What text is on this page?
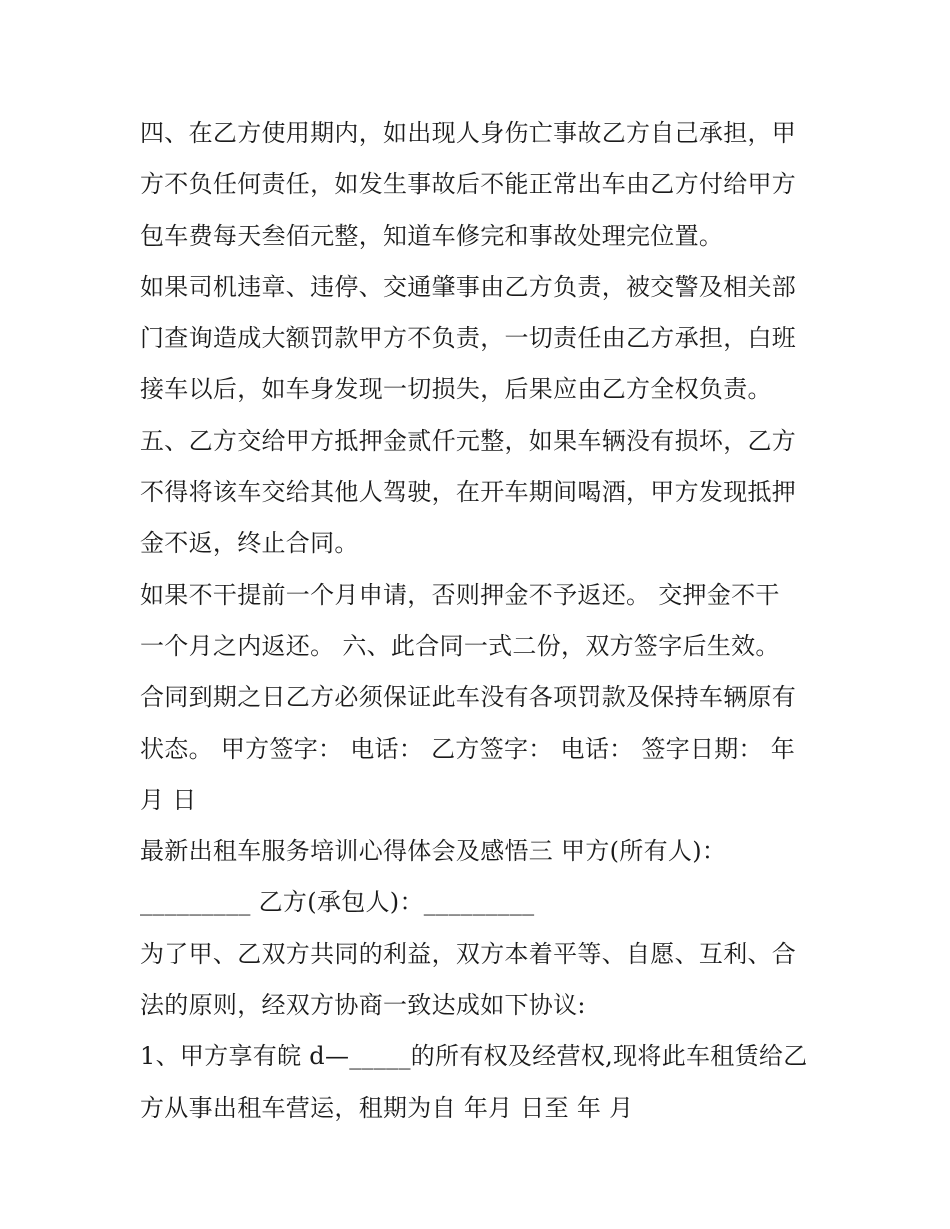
四、在乙方使用期内，如出现人身伤亡事故乙方自己承担，甲
方不负任何责任，如发生事故后不能正常出车由乙方付给甲方
包车费每天叁佰元整，知道车修完和事故处理完位置。
如果司机违章、违停、交通肇事由乙方负责，被交警及相关部
门查询造成大额罚款甲方不负责，一切责任由乙方承担，白班
接车以后，如车身发现一切损失，后果应由乙方全权负责。
五、乙方交给甲方抵押金贰仟元整，如果车辆没有损坏，乙方
不得将该车交给其他人驾驶，在开车期间喝酒，甲方发现抵押
金不返，终止合同。
如果不干提前一个月申请，否则押金不予返还。 交押金不干
一个月之内返还。 六、此合同一式二份，双方签字后生效。
合同到期之日乙方必须保证此车没有各项罚款及保持车辆原有
状态。 甲方签字： 电话： 乙方签字： 电话： 签字日期： 年
月 日
最新出租车服务培训心得体会及感悟三 甲方(所有人)：
_________ 乙方(承包人)：_________
为了甲、乙双方共同的利益，双方本着平等、自愿、互利、合
法的原则，经双方协商一致达成如下协议:
1、甲方享有皖 d—_____的所有权及经营权,现将此车租赁给乙
方从事出租车营运，租期为自 年月 日至 年 月
